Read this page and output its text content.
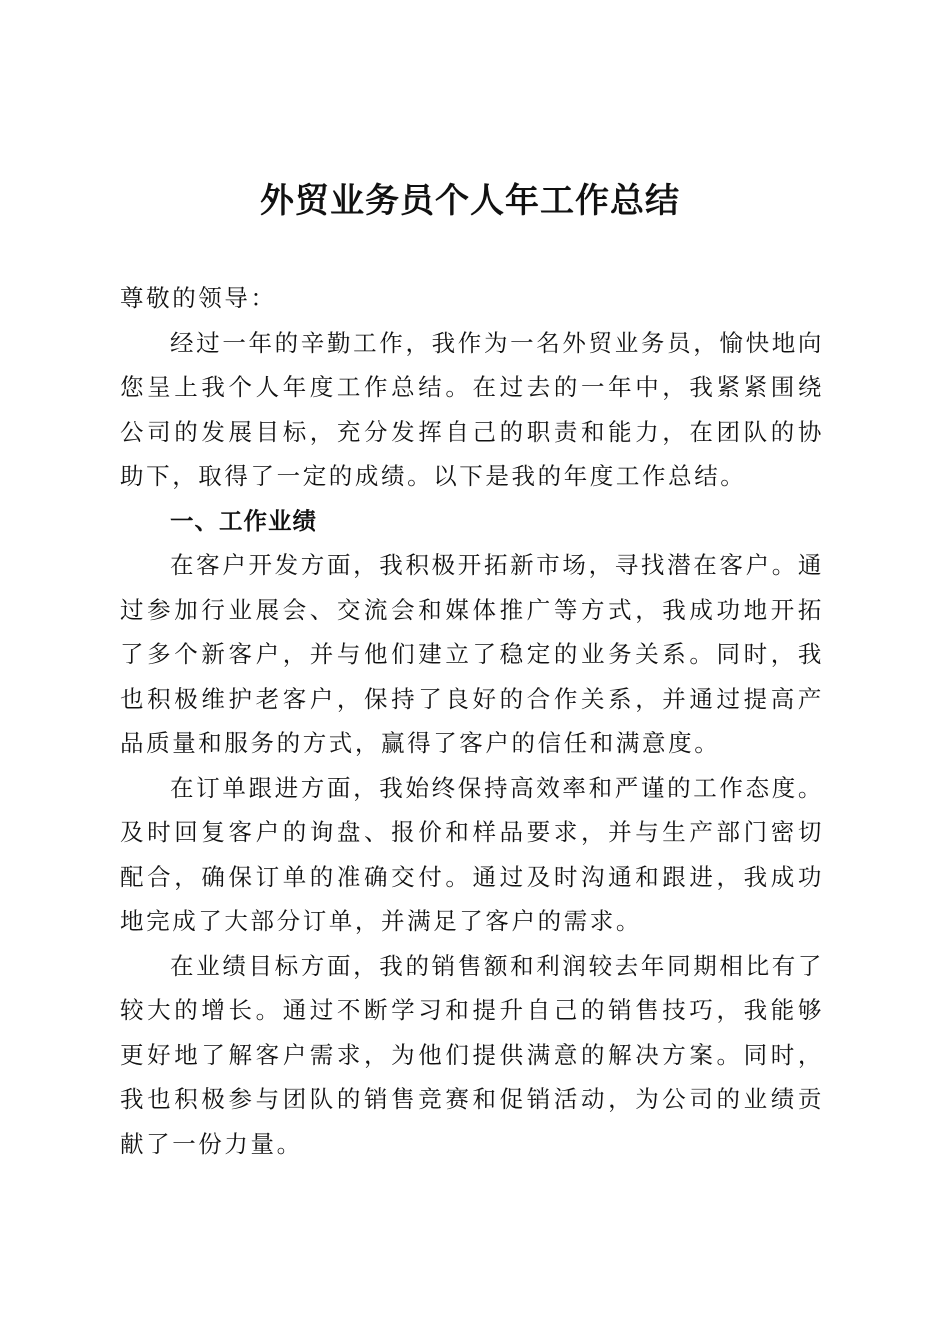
外贸业务员个人年工作总结

尊敬的领导：

经过一年的辛勤工作，我作为一名外贸业务员，愉快地向您呈上我个人年度工作总结。在过去的一年中，我紧紧围绕公司的发展目标，充分发挥自己的职责和能力，在团队的协助下，取得了一定的成绩。以下是我的年度工作总结。

一、工作业绩

在客户开发方面，我积极开拓新市场，寻找潜在客户。通过参加行业展会、交流会和媒体推广等方式，我成功地开拓了多个新客户，并与他们建立了稳定的业务关系。同时，我也积极维护老客户，保持了良好的合作关系，并通过提高产品质量和服务的方式，赢得了客户的信任和满意度。

在订单跟进方面，我始终保持高效率和严谨的工作态度。及时回复客户的询盘、报价和样品要求，并与生产部门密切配合，确保订单的准确交付。通过及时沟通和跟进，我成功地完成了大部分订单，并满足了客户的需求。

在业绩目标方面，我的销售额和利润较去年同期相比有了较大的增长。通过不断学习和提升自己的销售技巧，我能够更好地了解客户需求，为他们提供满意的解决方案。同时，我也积极参与团队的销售竞赛和促销活动，为公司的业绩贡献了一份力量。
